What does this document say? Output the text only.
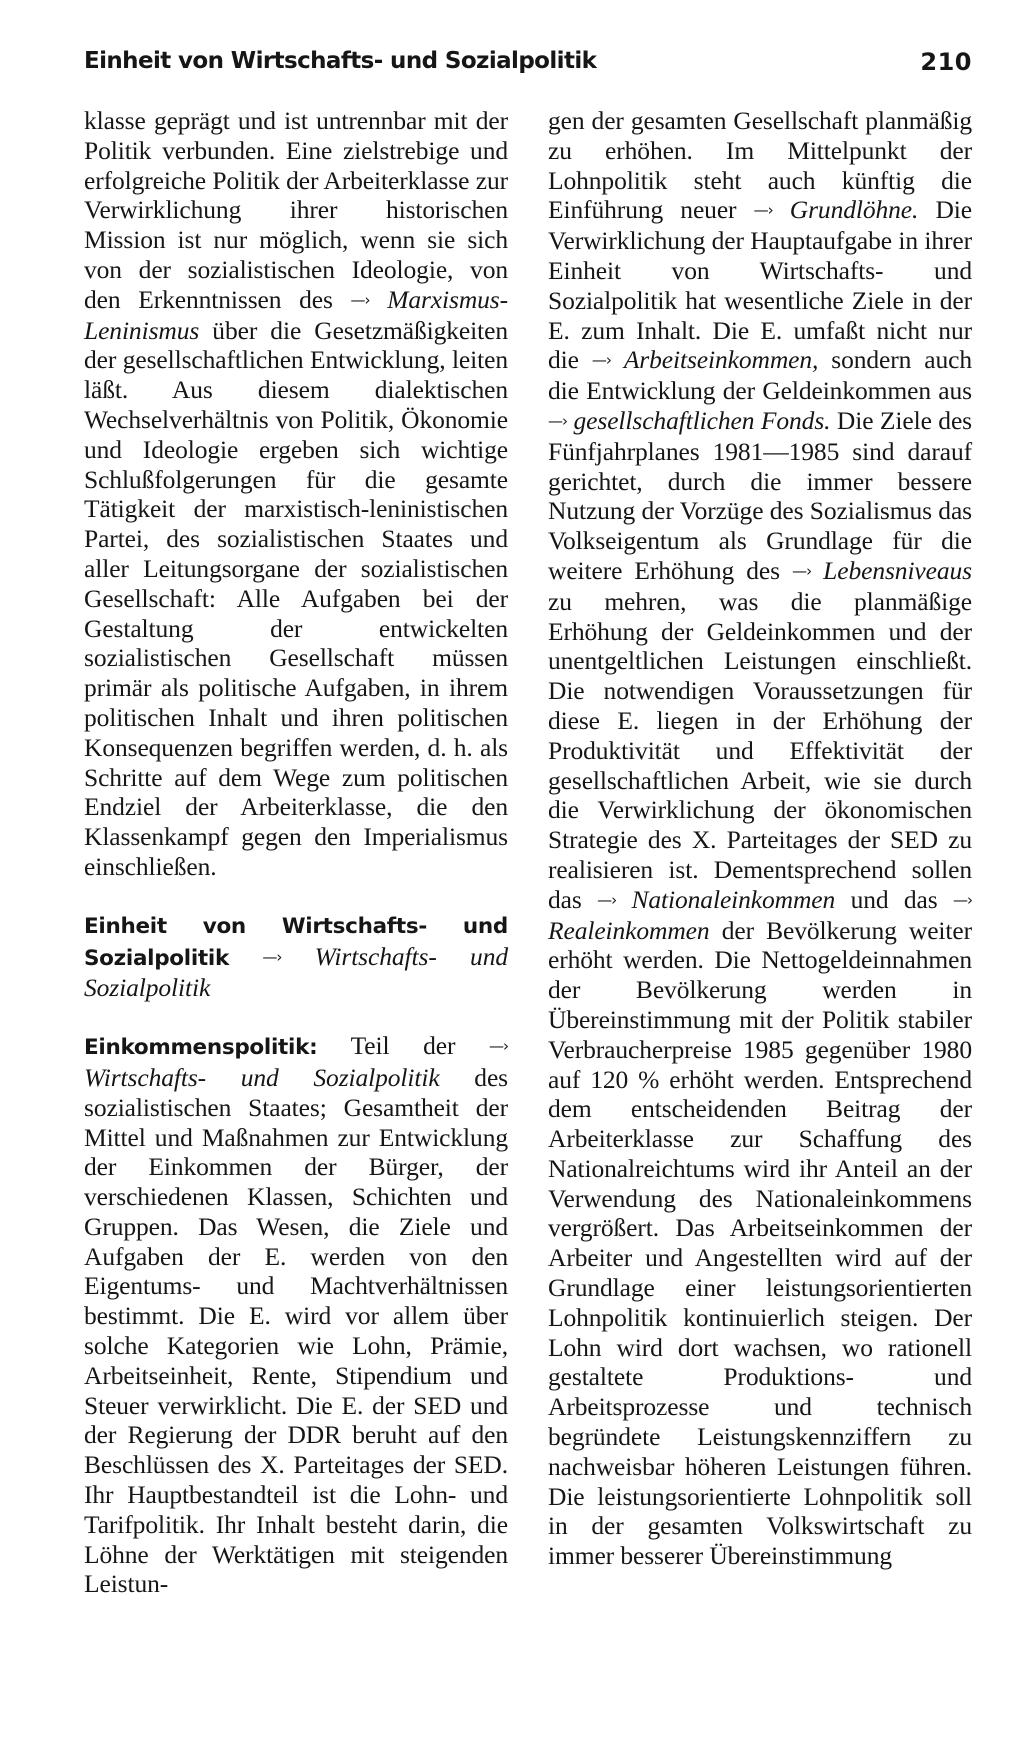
Einheit von Wirtschafts- und Sozialpolitik	210

klasse geprägt und ist untrennbar mit der Politik verbunden. Eine zielstrebige und erfolgreiche Politik der Arbeiterklasse zur Verwirklichung ihrer historischen Mission ist nur möglich, wenn sie sich von der sozialistischen Ideologie, von den Erkenntnissen des —› Marxismus-Leninismus über die Gesetzmäßigkeiten der gesellschaftlichen Entwicklung, leiten läßt. Aus diesem dialektischen Wechselverhältnis von Politik, Ökonomie und Ideologie ergeben sich wichtige Schlußfolgerungen für die gesamte Tätigkeit der marxistisch-leninistischen Partei, des sozialistischen Staates und aller Leitungsorgane der sozialistischen Gesellschaft: Alle Aufgaben bei der Gestaltung der entwickelten sozialistischen Gesellschaft müssen primär als politische Aufgaben, in ihrem politischen Inhalt und ihren politischen Konsequenzen begriffen werden, d. h. als Schritte auf dem Wege zum politischen Endziel der Arbeiterklasse, die den Klassenkampf gegen den Imperialismus einschließen.

Einheit von Wirtschafts- und Sozialpolitik —› Wirtschafts- und Sozialpolitik

Einkommenspolitik: Teil der —› Wirtschafts- und Sozialpolitik des sozialistischen Staates; Gesamtheit der Mittel und Maßnahmen zur Entwicklung der Einkommen der Bürger, der verschiedenen Klassen, Schichten und Gruppen. Das Wesen, die Ziele und Aufgaben der E. werden von den Eigentums- und Machtverhältnissen bestimmt. Die E. wird vor allem über solche Kategorien wie Lohn, Prämie, Arbeitseinheit, Rente, Stipendium und Steuer verwirklicht. Die E. der SED und der Regierung der DDR beruht auf den Beschlüssen des X. Parteitages der SED. Ihr Hauptbestandteil ist die Lohn- und Tarifpolitik. Ihr Inhalt besteht darin, die Löhne der Werktätigen mit steigenden Leistun-

gen der gesamten Gesellschaft planmäßig zu erhöhen. Im Mittelpunkt der Lohnpolitik steht auch künftig die Einführung neuer —› Grundlöhne. Die Verwirklichung der Hauptaufgabe in ihrer Einheit von Wirtschafts- und Sozialpolitik hat wesentliche Ziele in der E. zum Inhalt. Die E. umfaßt nicht nur die —› Arbeitseinkommen, sondern auch die Entwicklung der Geldeinkommen aus —› gesellschaftlichen Fonds. Die Ziele des Fünfjahrplanes 1981—1985 sind darauf gerichtet, durch die immer bessere Nutzung der Vorzüge des Sozialismus das Volkseigentum als Grundlage für die weitere Erhöhung des —› Lebensniveaus zu mehren, was die planmäßige Erhöhung der Geldeinkommen und der unentgeltlichen Leistungen einschließt. Die notwendigen Voraussetzungen für diese E. liegen in der Erhöhung der Produktivität und Effektivität der gesellschaftlichen Arbeit, wie sie durch die Verwirklichung der ökonomischen Strategie des X. Parteitages der SED zu realisieren ist. Dementsprechend sollen das —› Nationaleinkommen und das —› Realeinkommen der Bevölkerung weiter erhöht werden. Die Nettogeldeinnahmen der Bevölkerung werden in Übereinstimmung mit der Politik stabiler Verbraucherpreise 1985 gegenüber 1980 auf 120 % erhöht werden. Entsprechend dem entscheidenden Beitrag der Arbeiterklasse zur Schaffung des Nationalreichtums wird ihr Anteil an der Verwendung des Nationaleinkommens vergrößert. Das Arbeitseinkommen der Arbeiter und Angestellten wird auf der Grundlage einer leistungsorientierten Lohnpolitik kontinuierlich steigen. Der Lohn wird dort wachsen, wo rationell gestaltete Produktions- und Arbeitsprozesse und technisch begründete Leistungskennziffern zu nachweisbar höheren Leistungen führen. Die leistungsorientierte Lohnpolitik soll in der gesamten Volkswirtschaft zu immer besserer Übereinstimmung
